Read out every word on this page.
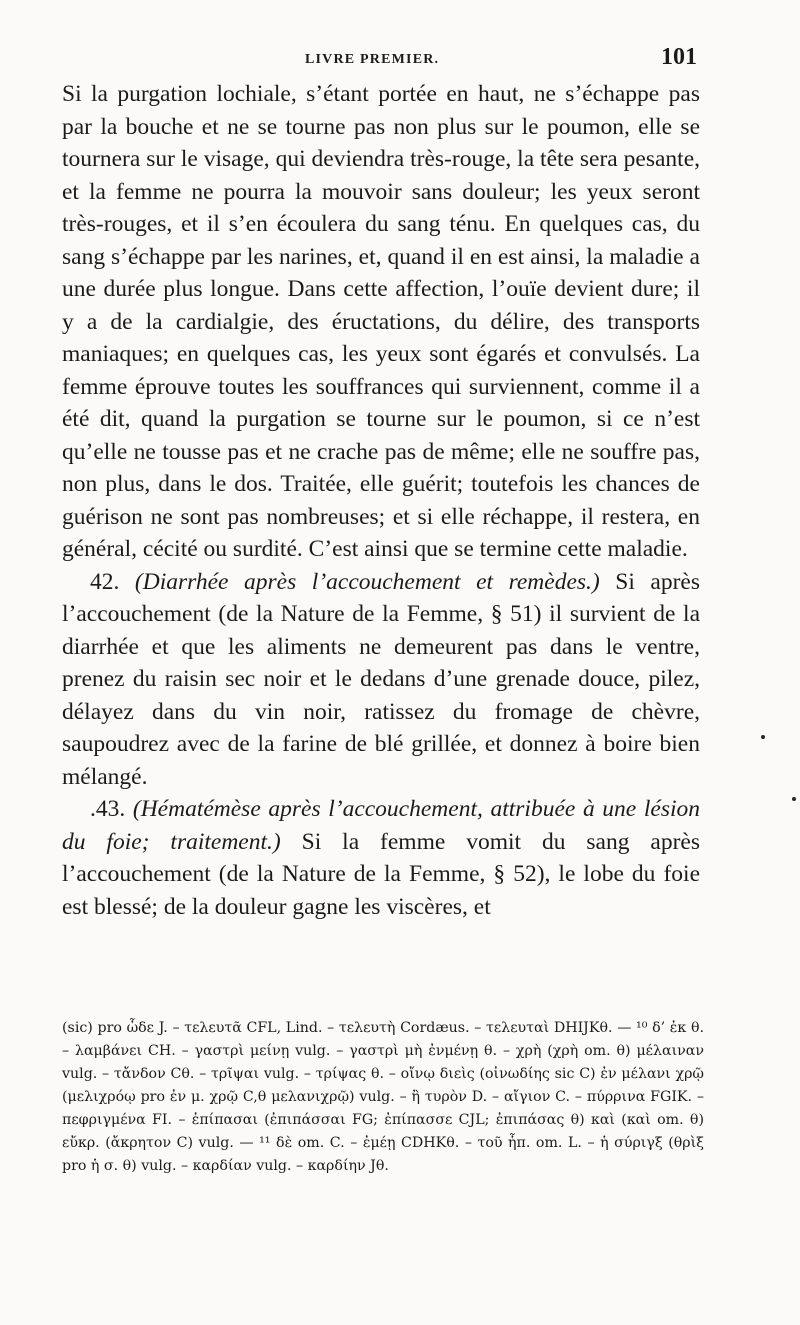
LIVRE PREMIER.	101

Si la purgation lochiale, s’étant portée en haut, ne s’échappe pas par la bouche et ne se tourne pas non plus sur le poumon, elle se tournera sur le visage, qui deviendra très-rouge, la tête sera pesante, et la femme ne pourra la mouvoir sans douleur; les yeux seront très-rouges, et il s’en écoulera du sang ténu. En quelques cas, du sang s’échappe par les narines, et, quand il en est ainsi, la maladie a une durée plus longue. Dans cette affection, l’ouïe devient dure; il y a de la cardialgie, des éructations, du délire, des transports maniaques; en quelques cas, les yeux sont égarés et convulsés. La femme éprouve toutes les souffrances qui surviennent, comme il a été dit, quand la purgation se tourne sur le poumon, si ce n’est qu’elle ne tousse pas et ne crache pas de même; elle ne souffre pas, non plus, dans le dos. Traitée, elle guérit; toutefois les chances de guérison ne sont pas nombreuses; et si elle réchappe, il restera, en général, cécité ou surdité. C’est ainsi que se termine cette maladie.

42. (Diarrhée après l’accouchement et remèdes.) Si après l’accouchement (de la Nature de la Femme, § 51) il survient de la diarrhée et que les aliments ne demeurent pas dans le ventre, prenez du raisin sec noir et le dedans d’une grenade douce, pilez, délayez dans du vin noir, ratissez du fromage de chèvre, saupoudrez avec de la farine de blé grillée, et donnez à boire bien mélangé.

.43. (Hématémèse après l’accouchement, attribuée à une lésion du foie; traitement.) Si la femme vomit du sang après l’accouchement (de la Nature de la Femme, § 52), le lobe du foie est blessé; de la douleur gagne les viscères, et

(sic) pro ὧδε J. – τελευτᾶ CFL, Lind. – τελευτὴ Cordæus. – τελευταὶ DHIJKθ. — ¹⁰ δ’ ἐκ θ. – λαμβάνει CH. – γαστρὶ μείνῃ vulg. – γαστρὶ μὴ ἐνμένῃ θ. – χρὴ (χρὴ om. θ) μέλαιναν vulg. – τἄνδον Cθ. – τρῖψαι vulg. – τρίψας θ. – οἴνῳ διεὶς (οἰνωδίης sic C) ἐν μέλανι χρῷ (μελιχρόῳ pro ἐν μ. χρῷ C,θ μελανιχρῷ) vulg. – ἢ τυρὸν D. – αἴγιον C. – πύρρινα FGIK. – πεφριγμένα FI. – ἐπίπασαι (ἐπιπάσσαι FG; ἐπίπασσε CJL; ἐπιπάσας θ) καὶ (καὶ om. θ) εὔκρ. (ἄκρητον C) vulg. — ¹¹ δὲ om. C. – ἐμέῃ CDHKθ. – τοῦ ἧπ. om. L. – ἡ σύριγξ (θρὶξ pro ἡ σ. θ) vulg. – καρδίαν vulg. – καρδίην Jθ.
